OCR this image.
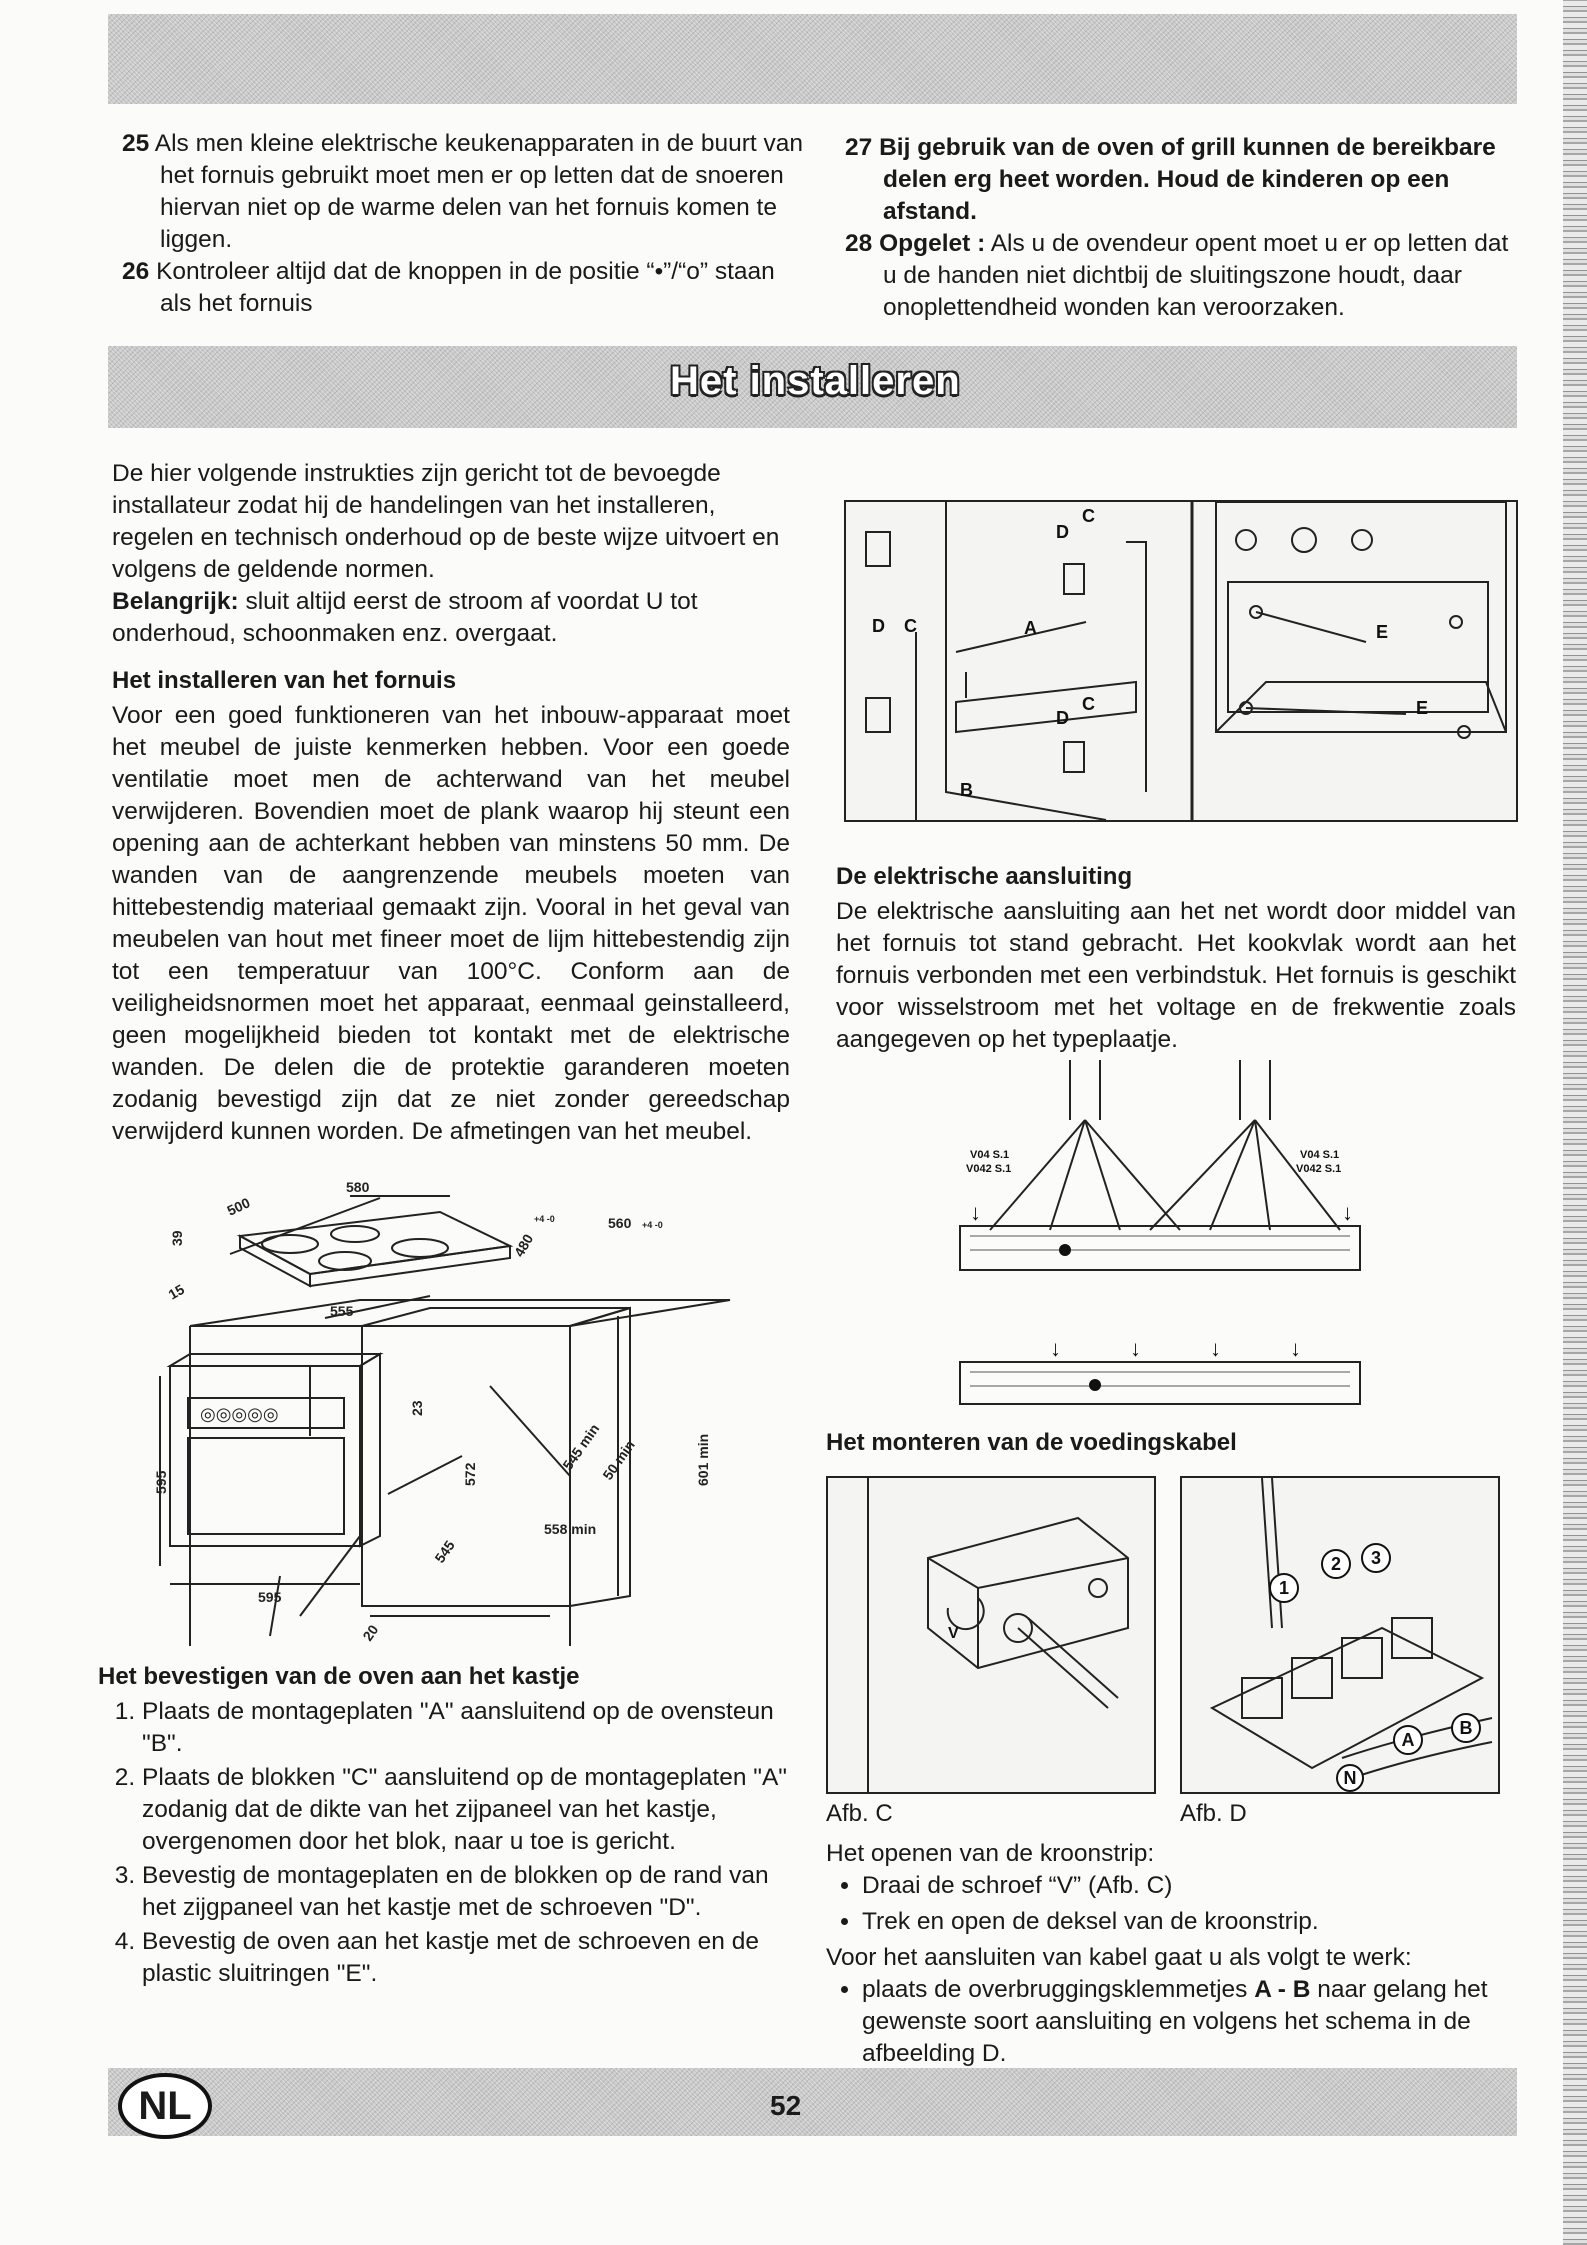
25 Als men kleine elektrische keukenapparaten in de buurt van het fornuis gebruikt moet men er op letten dat de snoeren hiervan niet op de warme delen van het fornuis komen te liggen.

26 Kontroleer altijd dat de knoppen in de positie “•”/“o” staan als het fornuis

27 Bij gebruik van de oven of grill kunnen de bereikbare delen erg heet worden. Houd de kinderen op een afstand.

28 Opgelet : Als u de ovendeur opent moet u er op letten dat u de handen niet dichtbij de sluitingszone houdt, daar onoplettendheid wonden kan veroorzaken.

Het installeren
De hier volgende instrukties zijn gericht tot de bevoegde installateur zodat hij de handelingen van het installeren, regelen en technisch onderhoud op de beste wijze uitvoert en volgens de geldende normen.
Belangrijk: sluit altijd eerst de stroom af voordat U tot onderhoud, schoonmaken enz. overgaat.
Het installeren van het fornuis
Voor een goed funktioneren van het inbouw-apparaat moet het meubel de juiste kenmerken hebben. Voor een goede ventilatie moet men de achterwand van het meubel verwijderen. Bovendien moet de plank waarop hij steunt een opening aan de achterkant hebben van minstens 50 mm. De wanden van de aangrenzende meubels moeten van hittebestendig materiaal gemaakt zijn. Vooral in het geval van meubelen van hout met fineer moet de lijm hittebestendig zijn tot een temperatuur van 100°C. Conform aan de veiligheidsnormen moet het apparaat, eenmaal geinstalleerd, geen mogelijkheid bieden tot kontakt met de elektrische wanden. De delen die de protektie garanderen moeten zodanig bevestigd zijn dat ze niet zonder gereedschap verwijderd kunnen worden. De afmetingen van het meubel.
500
580
39
15
555
560 +4 -0
480
+4 -0
23
572
545 min
50 min	601 min
558 min
595
595
545
20
◎◎◎◎◎
Het bevestigen van de oven aan het kastje
1. Plaats de montageplaten "A" aansluitend op de ovensteun "B".
2. Plaats de blokken "C" aansluitend op de montageplaten "A" zodanig dat de dikte van het zijpaneel van het kastje, overgenomen door het blok, naar u toe is gericht.
3. Bevestig de montageplaten en de blokken op de rand van het zijgpaneel van het kastje met de schroeven "D".
4. Bevestig de oven aan het kastje met de schroeven en de plastic sluitringen "E".
D
C
D C	A
D
C
B
E
E
De elektrische aansluiting
De elektrische aansluiting aan het net wordt door middel van het fornuis tot stand gebracht. Het kookvlak wordt aan het fornuis verbonden met een verbindstuk. Het fornuis is geschikt voor wisselstroom met het voltage en de frekwentie zoals aangegeven op het typeplaatje.
V04 S.1
V042 S.1
V04 S.1
V042 S.1
↓	↓
↓	↓	↓	↓
Het monteren van de voedingskabel
V
Afb. C
1
2 3
A
B
N
Afb. D
Het openen van de kroonstrip:
• Draai de schroef “V” (Afb. C)
• Trek en open de deksel van de kroonstrip.
Voor het aansluiten van kabel gaat u als volgt te werk:
• plaats de overbruggingsklemmetjes A - B naar gelang het gewenste soort aansluiting en volgens het schema in de afbeelding D.
NL	52
